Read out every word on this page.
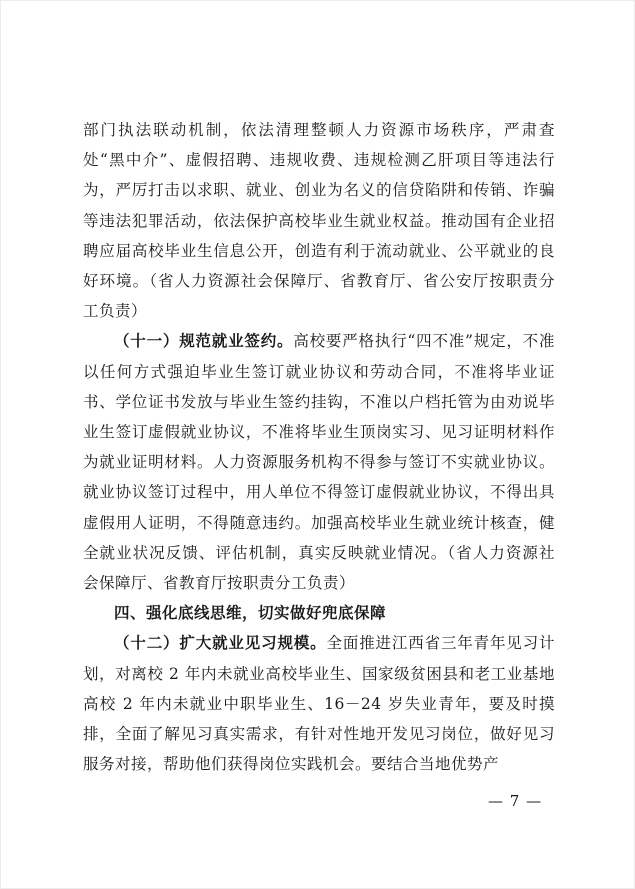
部门执法联动机制，依法清理整顿人力资源市场秩序，严肃查处“黑中介”、虚假招聘、违规收费、违规检测乙肝项目等违法行为，严厉打击以求职、就业、创业为名义的信贷陷阱和传销、诈骗等违法犯罪活动，依法保护高校毕业生就业权益。推动国有企业招聘应届高校毕业生信息公开，创造有利于流动就业、公平就业的良好环境。（省人力资源社会保障厅、省教育厅、省公安厅按职责分工负责）

（十一）规范就业签约。高校要严格执行“四不准”规定，不准以任何方式强迫毕业生签订就业协议和劳动合同，不准将毕业证书、学位证书发放与毕业生签约挂钩，不准以户档托管为由劝说毕业生签订虚假就业协议，不准将毕业生顶岗实习、见习证明材料作为就业证明材料。人力资源服务机构不得参与签订不实就业协议。就业协议签订过程中，用人单位不得签订虚假就业协议，不得出具虚假用人证明，不得随意违约。加强高校毕业生就业统计核查，健全就业状况反馈、评估机制，真实反映就业情况。（省人力资源社会保障厅、省教育厅按职责分工负责）

四、强化底线思维，切实做好兜底保障

（十二）扩大就业见习规模。全面推进江西省三年青年见习计划，对离校 2 年内未就业高校毕业生、国家级贫困县和老工业基地高校 2 年内未就业中职毕业生、16－24 岁失业青年，要及时摸排，全面了解见习真实需求，有针对性地开发见习岗位，做好见习服务对接，帮助他们获得岗位实践机会。要结合当地优势产

— 7 —
